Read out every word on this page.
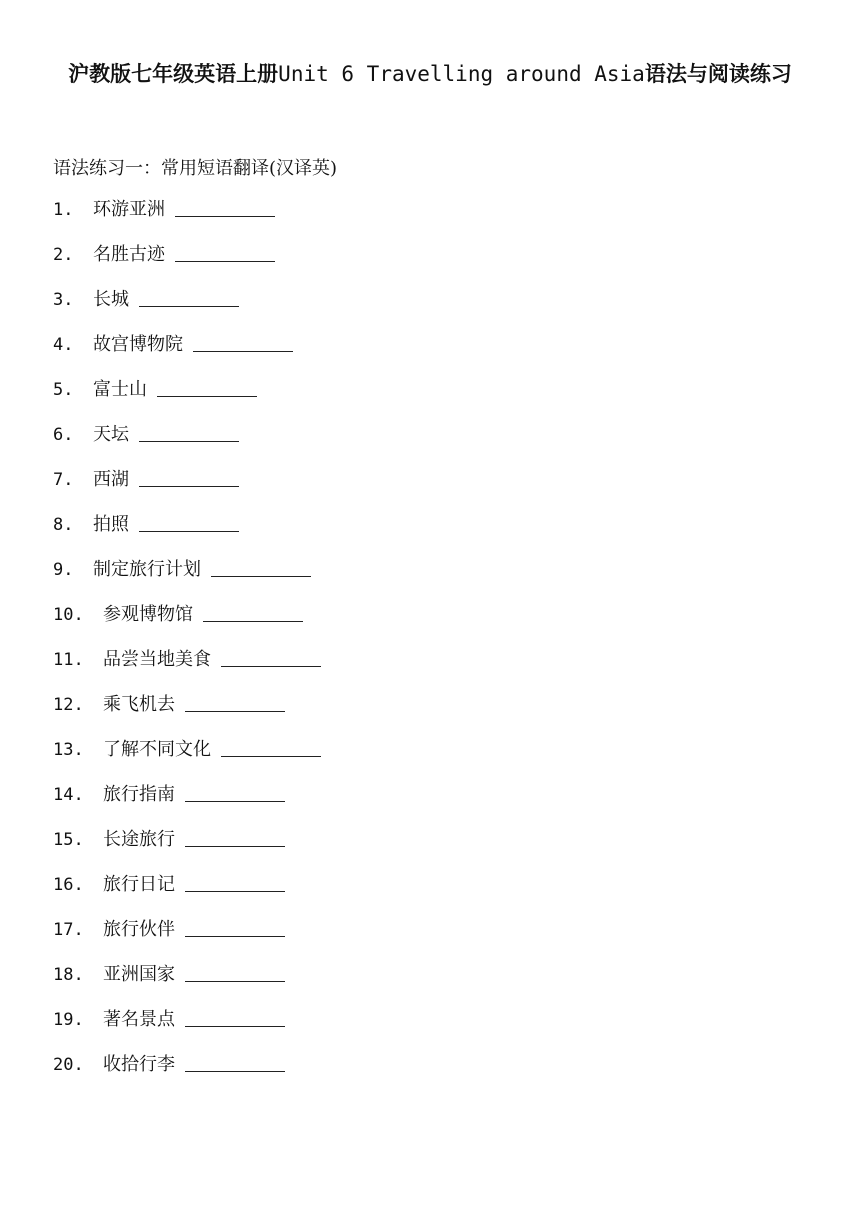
沪教版七年级英语上册Unit 6 Travelling around Asia语法与阅读练习
语法练习一：常用短语翻译(汉译英)
1.	环游亚洲
2.	名胜古迹
3.	长城
4.	故宫博物院
5.	富士山
6.	天坛
7.	西湖
8.	拍照
9.	制定旅行计划
10.	参观博物馆
11.	品尝当地美食
12.	乘飞机去
13.	了解不同文化
14.	旅行指南
15.	长途旅行
16.	旅行日记
17.	旅行伙伴
18.	亚洲国家
19.	著名景点
20.	收拾行李
